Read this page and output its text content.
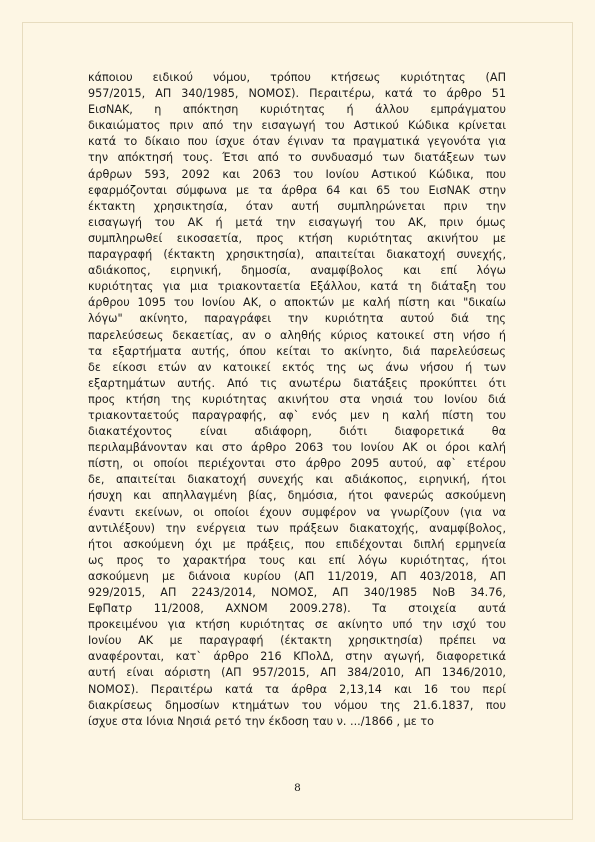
κάποιου ειδικού νόμου, τρόπου κτήσεως κυριότητας (ΑΠ
957/2015, ΑΠ 340/1985, ΝΟΜΟΣ). Περαιτέρω, κατά το άρθρο 51
ΕισΝΑΚ, η απόκτηση κυριότητας ή άλλου εμπράγματου
δικαιώματος πριν από την εισαγωγή του Αστικού Κώδικα κρίνεται
κατά το δίκαιο που ίσχυε όταν έγιναν τα πραγματικά γεγονότα για
την απόκτησή τους. Έτσι από το συνδυασμό των διατάξεων των
άρθρων 593, 2092 και 2063 του Ιονίου Αστικού Κώδικα, που
εφαρμόζονται σύμφωνα με τα άρθρα 64 και 65 του ΕισΝΑΚ στην
έκτακτη χρησικτησία, όταν αυτή συμπληρώνεται πριν την
εισαγωγή του ΑΚ ή μετά την εισαγωγή του ΑΚ, πριν όμως
συμπληρωθεί εικοσαετία, προς κτήση κυριότητας ακινήτου με
παραγραφή (έκτακτη χρησικτησία), απαιτείται διακατοχή συνεχής,
αδιάκοπος, ειρηνική, δημοσία, αναμφίβολος και επί λόγω
κυριότητας για μια τριακονταετία Εξάλλου, κατά τη διάταξη του
άρθρου 1095 του Ιονίου ΑΚ, ο αποκτών με καλή πίστη και "δικαίω
λόγω" ακίνητο, παραγράφει την κυριότητα αυτού διά της
παρελεύσεως δεκαετίας, αν ο αληθής κύριος κατοικεί στη νήσο ή
τα εξαρτήματα αυτής, όπου κείται το ακίνητο, διά παρελεύσεως
δε είκοσι ετών αν κατοικεί εκτός της ως άνω νήσου ή των
εξαρτημάτων αυτής. Από τις ανωτέρω διατάξεις προκύπτει ότι
προς κτήση της κυριότητας ακινήτου στα νησιά του Ιονίου διά
τριακονταετούς παραγραφής, αφ` ενός μεν η καλή πίστη του
διακατέχοντος είναι αδιάφορη, διότι διαφορετικά θα
περιλαμβάνονταν και στο άρθρο 2063 του Ιονίου ΑΚ οι όροι καλή
πίστη, οι οποίοι περιέχονται στο άρθρο 2095 αυτού, αφ` ετέρου
δε, απαιτείται διακατοχή συνεχής και αδιάκοπος, ειρηνική, ήτοι
ήσυχη και απηλλαγμένη βίας, δημόσια, ήτοι φανερώς ασκούμενη
έναντι εκείνων, οι οποίοι έχουν συμφέρον να γνωρίζουν (για να
αντιλέξουν) την ενέργεια των πράξεων διακατοχής, αναμφίβολος,
ήτοι ασκούμενη όχι με πράξεις, που επιδέχονται διπλή ερμηνεία
ως προς το χαρακτήρα τους και επί λόγω κυριότητας, ήτοι
ασκούμενη με διάνοια κυρίου (ΑΠ 11/2019, ΑΠ 403/2018, ΑΠ
929/2015, ΑΠ 2243/2014, ΝΟΜΟΣ, ΑΠ 340/1985 ΝοΒ 34.76,
ΕφΠατρ 11/2008, ΑΧΝΟΜ 2009.278). Τα στοιχεία αυτά
προκειμένου για κτήση κυριότητας σε ακίνητο υπό την ισχύ του
Ιονίου ΑΚ με παραγραφή (έκτακτη χρησικτησία) πρέπει να
αναφέρονται, κατ` άρθρο 216 ΚΠολΔ, στην αγωγή, διαφορετικά
αυτή είναι αόριστη (ΑΠ 957/2015, ΑΠ 384/2010, ΑΠ 1346/2010,
ΝΟΜΟΣ). Περαιτέρω κατά τα άρθρα 2,13,14 και 16 του περί
διακρίσεως δημοσίων κτημάτων του νόμου της 21.6.1837, που
ίσχυε στα Ιόνια Νησιά ρετό την έκδοση ταυ ν. .../1866 , με το
8
